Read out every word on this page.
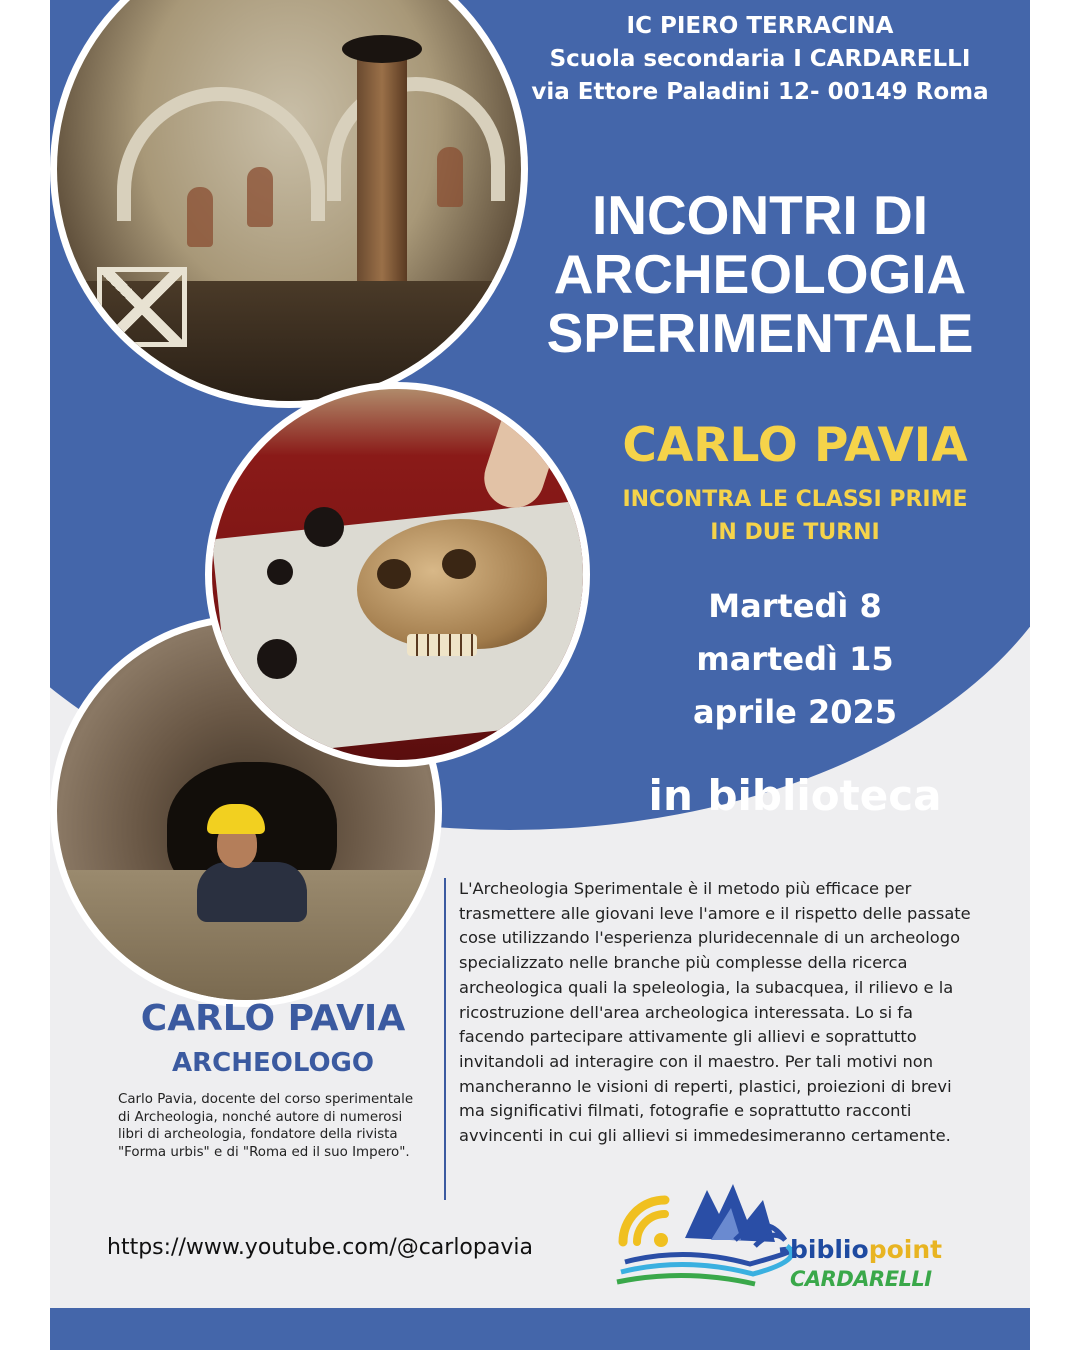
IC PIERO TERRACINA
Scuola secondaria I CARDARELLI
via Ettore Paladini 12- 00149 Roma
INCONTRI DI
ARCHEOLOGIA
SPERIMENTALE

CARLO PAVIA

INCONTRA LE CLASSI PRIME
IN DUE TURNI
Martedì 8
martedì 15
aprile 2025

in biblioteca

CARLO PAVIA

ARCHEOLOGO

Carlo Pavia, docente del corso sperimentale di Archeologia, nonché autore di numerosi libri di archeologia, fondatore della rivista "Forma urbis" e di "Roma ed il suo Impero".

L'Archeologia Sperimentale è il metodo più efficace per trasmettere alle giovani leve l'amore e il rispetto delle passate cose utilizzando l'esperienza pluridecennale di un archeologo specializzato nelle branche più complesse della ricerca archeologica quali la speleologia, la subacquea, il rilievo e la ricostruzione dell'area archeologica interessata. Lo si fa facendo partecipare attivamente gli allievi e soprattutto invitandoli ad interagire con il maestro. Per tali motivi non mancheranno le visioni di reperti, plastici, proiezioni di brevi ma significativi filmati, fotografie e soprattutto racconti avvincenti in cui gli allievi si immedesimeranno certamente.

https://www.youtube.com/@carlopavia	bibliopoint

CARDARELLI
